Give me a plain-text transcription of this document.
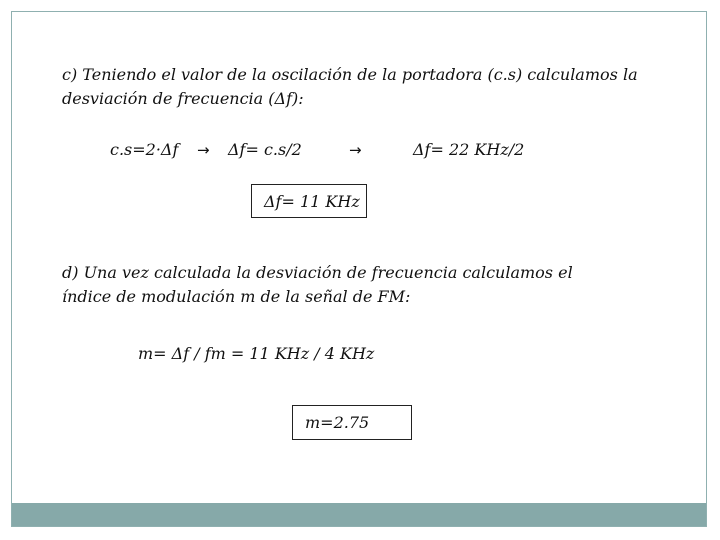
c) Teniendo el valor de la oscilación de la portadora (c.s) calculamos la
desviación de frecuencia (Δf):
c.s=2·Δf → Δf= c.s/2	→	Δf= 22 KHz/2
Δf= 11 KHz
d) Una vez calculada la desviación de frecuencia calculamos el
índice de modulación m de la señal de FM:
m= Δf / fm = 11 KHz / 4 KHz
m=2.75
